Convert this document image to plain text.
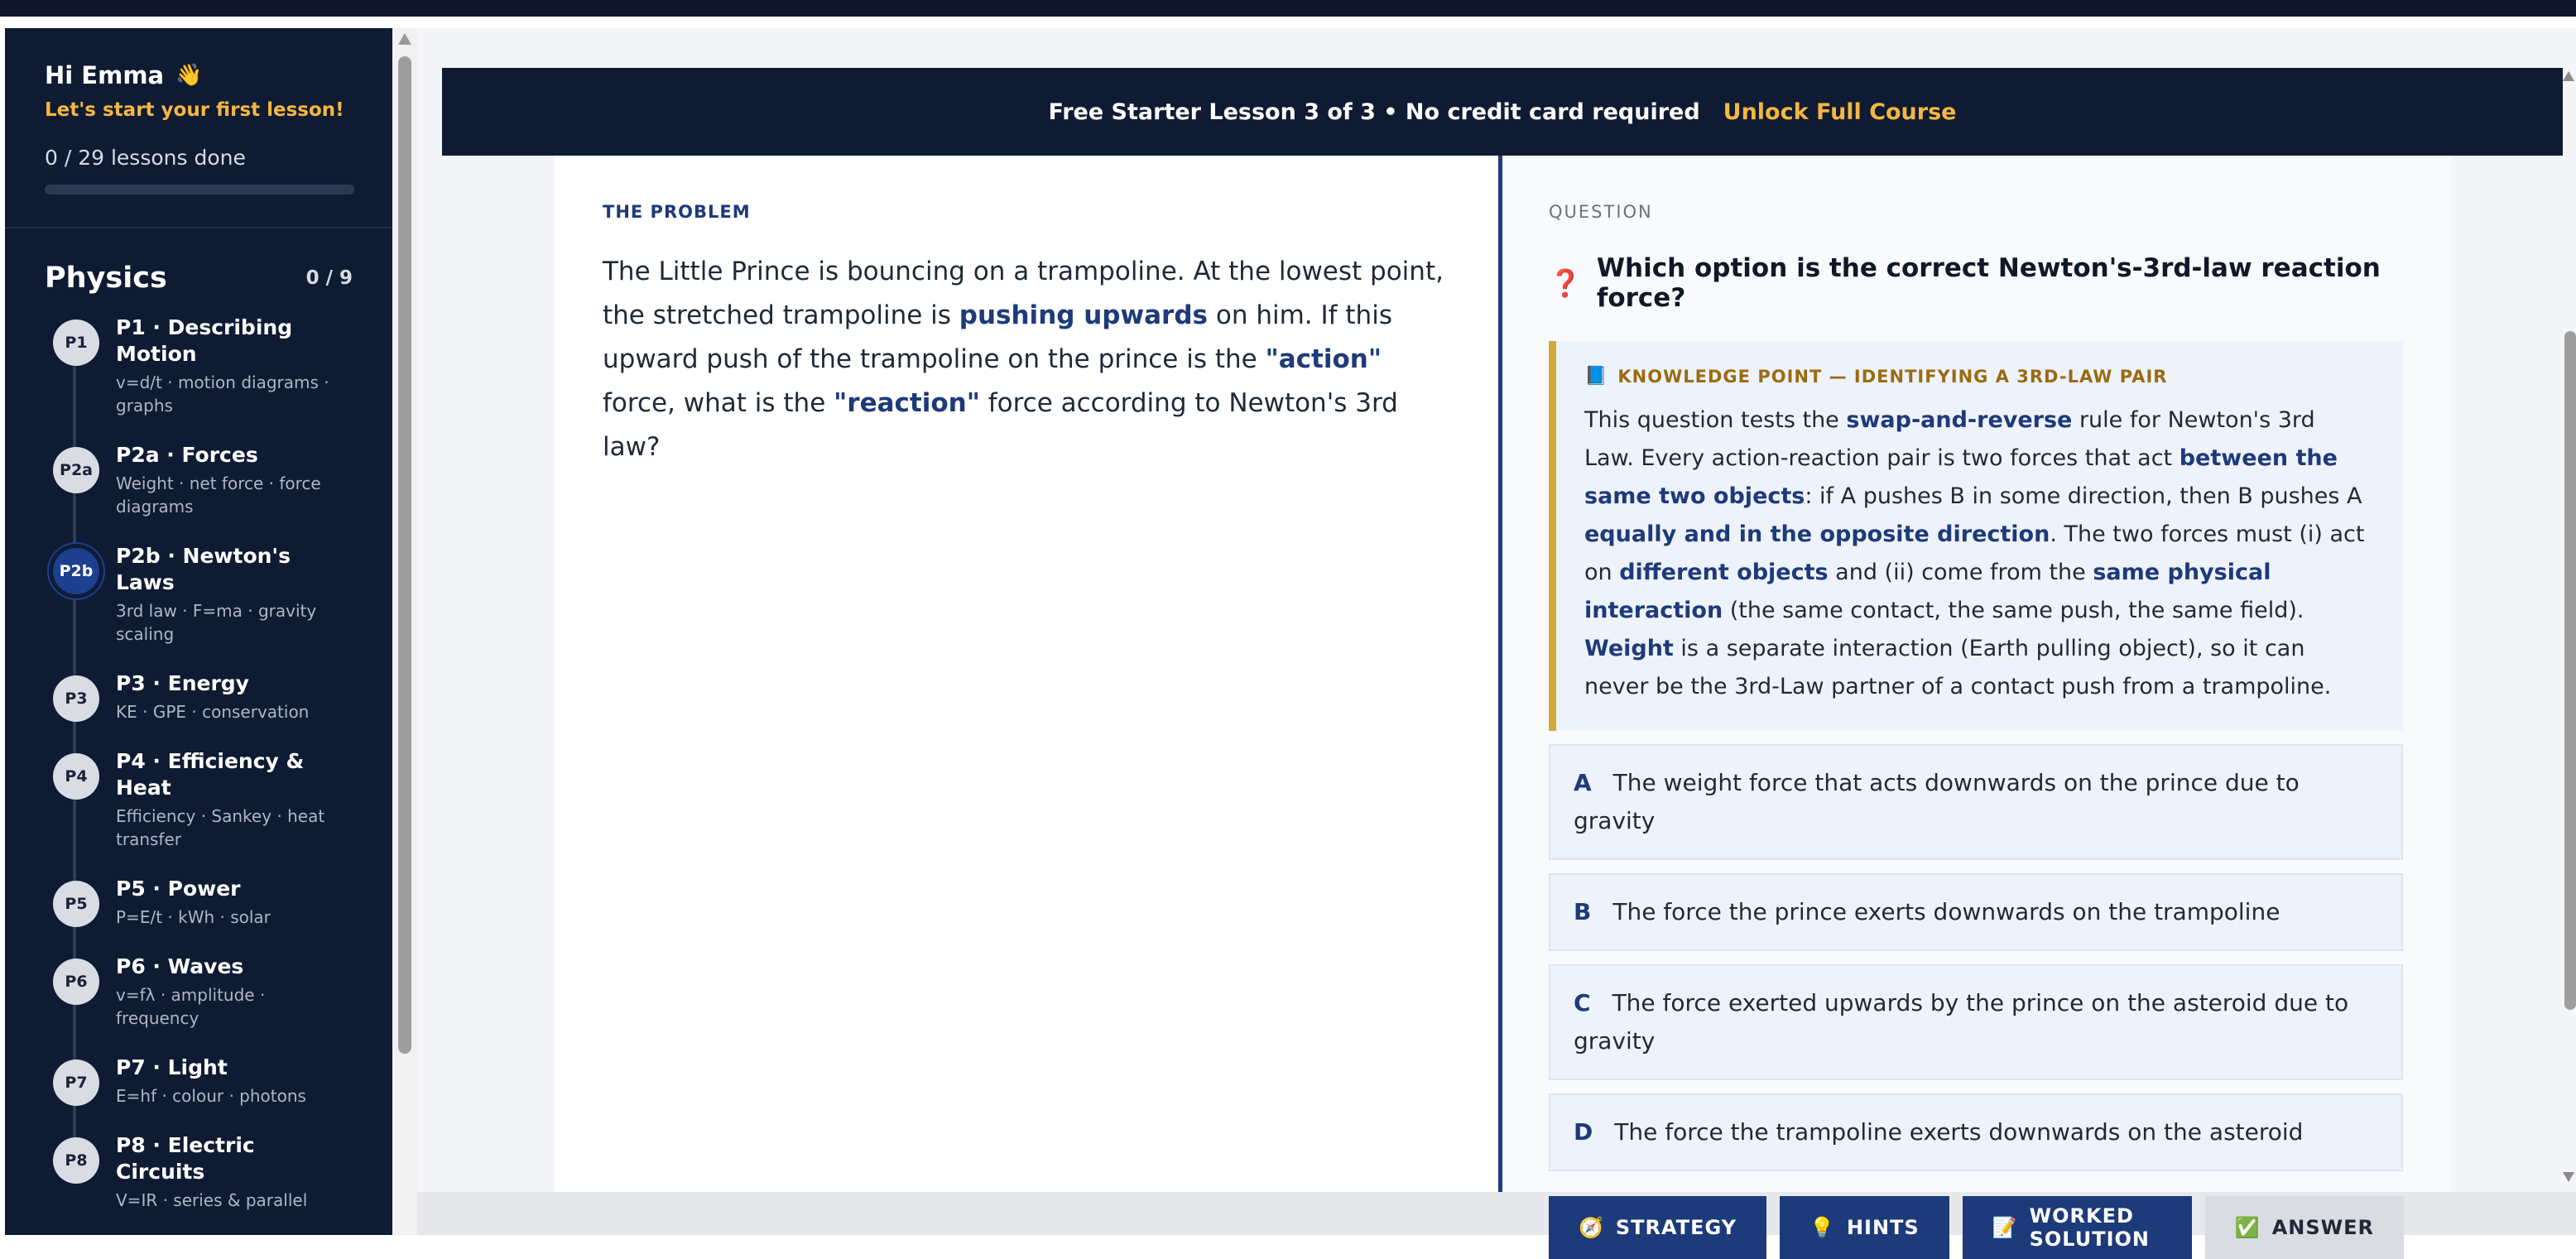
Hi Emma 👋
Let's start your first lesson!
0 / 29 lessons done
Physics	0 / 9
P1
P1 · Describing Motion
v=d/t · motion diagrams · graphs
P2a
P2a · Forces
Weight · net force · force diagrams
P2b
P2b · Newton's Laws
3rd law · F=ma · gravity scaling
P3
P3 · Energy
KE · GPE · conservation
P4
P4 · Efficiency & Heat
Efficiency · Sankey · heat transfer
P5
P5 · Power
P=E/t · kWh · solar
P6
P6 · Waves
v=fλ · amplitude · frequency
P7
P7 · Light
E=hf · colour · photons
P8
P8 · Electric Circuits
V=IR · series & parallel
Free Starter Lesson 3 of 3 • No credit card required Unlock Full Course
THE PROBLEM

The Little Prince is bouncing on a trampoline. At the lowest point, the stretched trampoline is pushing upwards on him. If this upward push of the trampoline on the prince is the "action" force, what is the "reaction" force according to Newton's 3rd law?

QUESTION
❓ Which option is the correct Newton's-3rd-law reaction force?
📘 KNOWLEDGE POINT — IDENTIFYING A 3RD-LAW PAIR

This question tests the swap-and-reverse rule for Newton's 3rd Law. Every action-reaction pair is two forces that act between the same two objects: if A pushes B in some direction, then B pushes A equally and in the opposite direction. The two forces must (i) act on different objects and (ii) come from the same physical interaction (the same contact, the same push, the same field). Weight is a separate interaction (Earth pulling object), so it can never be the 3rd-Law partner of a contact push from a trampoline.

A The weight force that acts downwards on the prince due to gravity
B The force the prince exerts downwards on the trampoline
C The force exerted upwards by the prince on the asteroid due to gravity
D The force the trampoline exerts downwards on the asteroid
🧭 STRATEGY	💡 HINTS	📝 WORKED SOLUTION	✅ ANSWER
